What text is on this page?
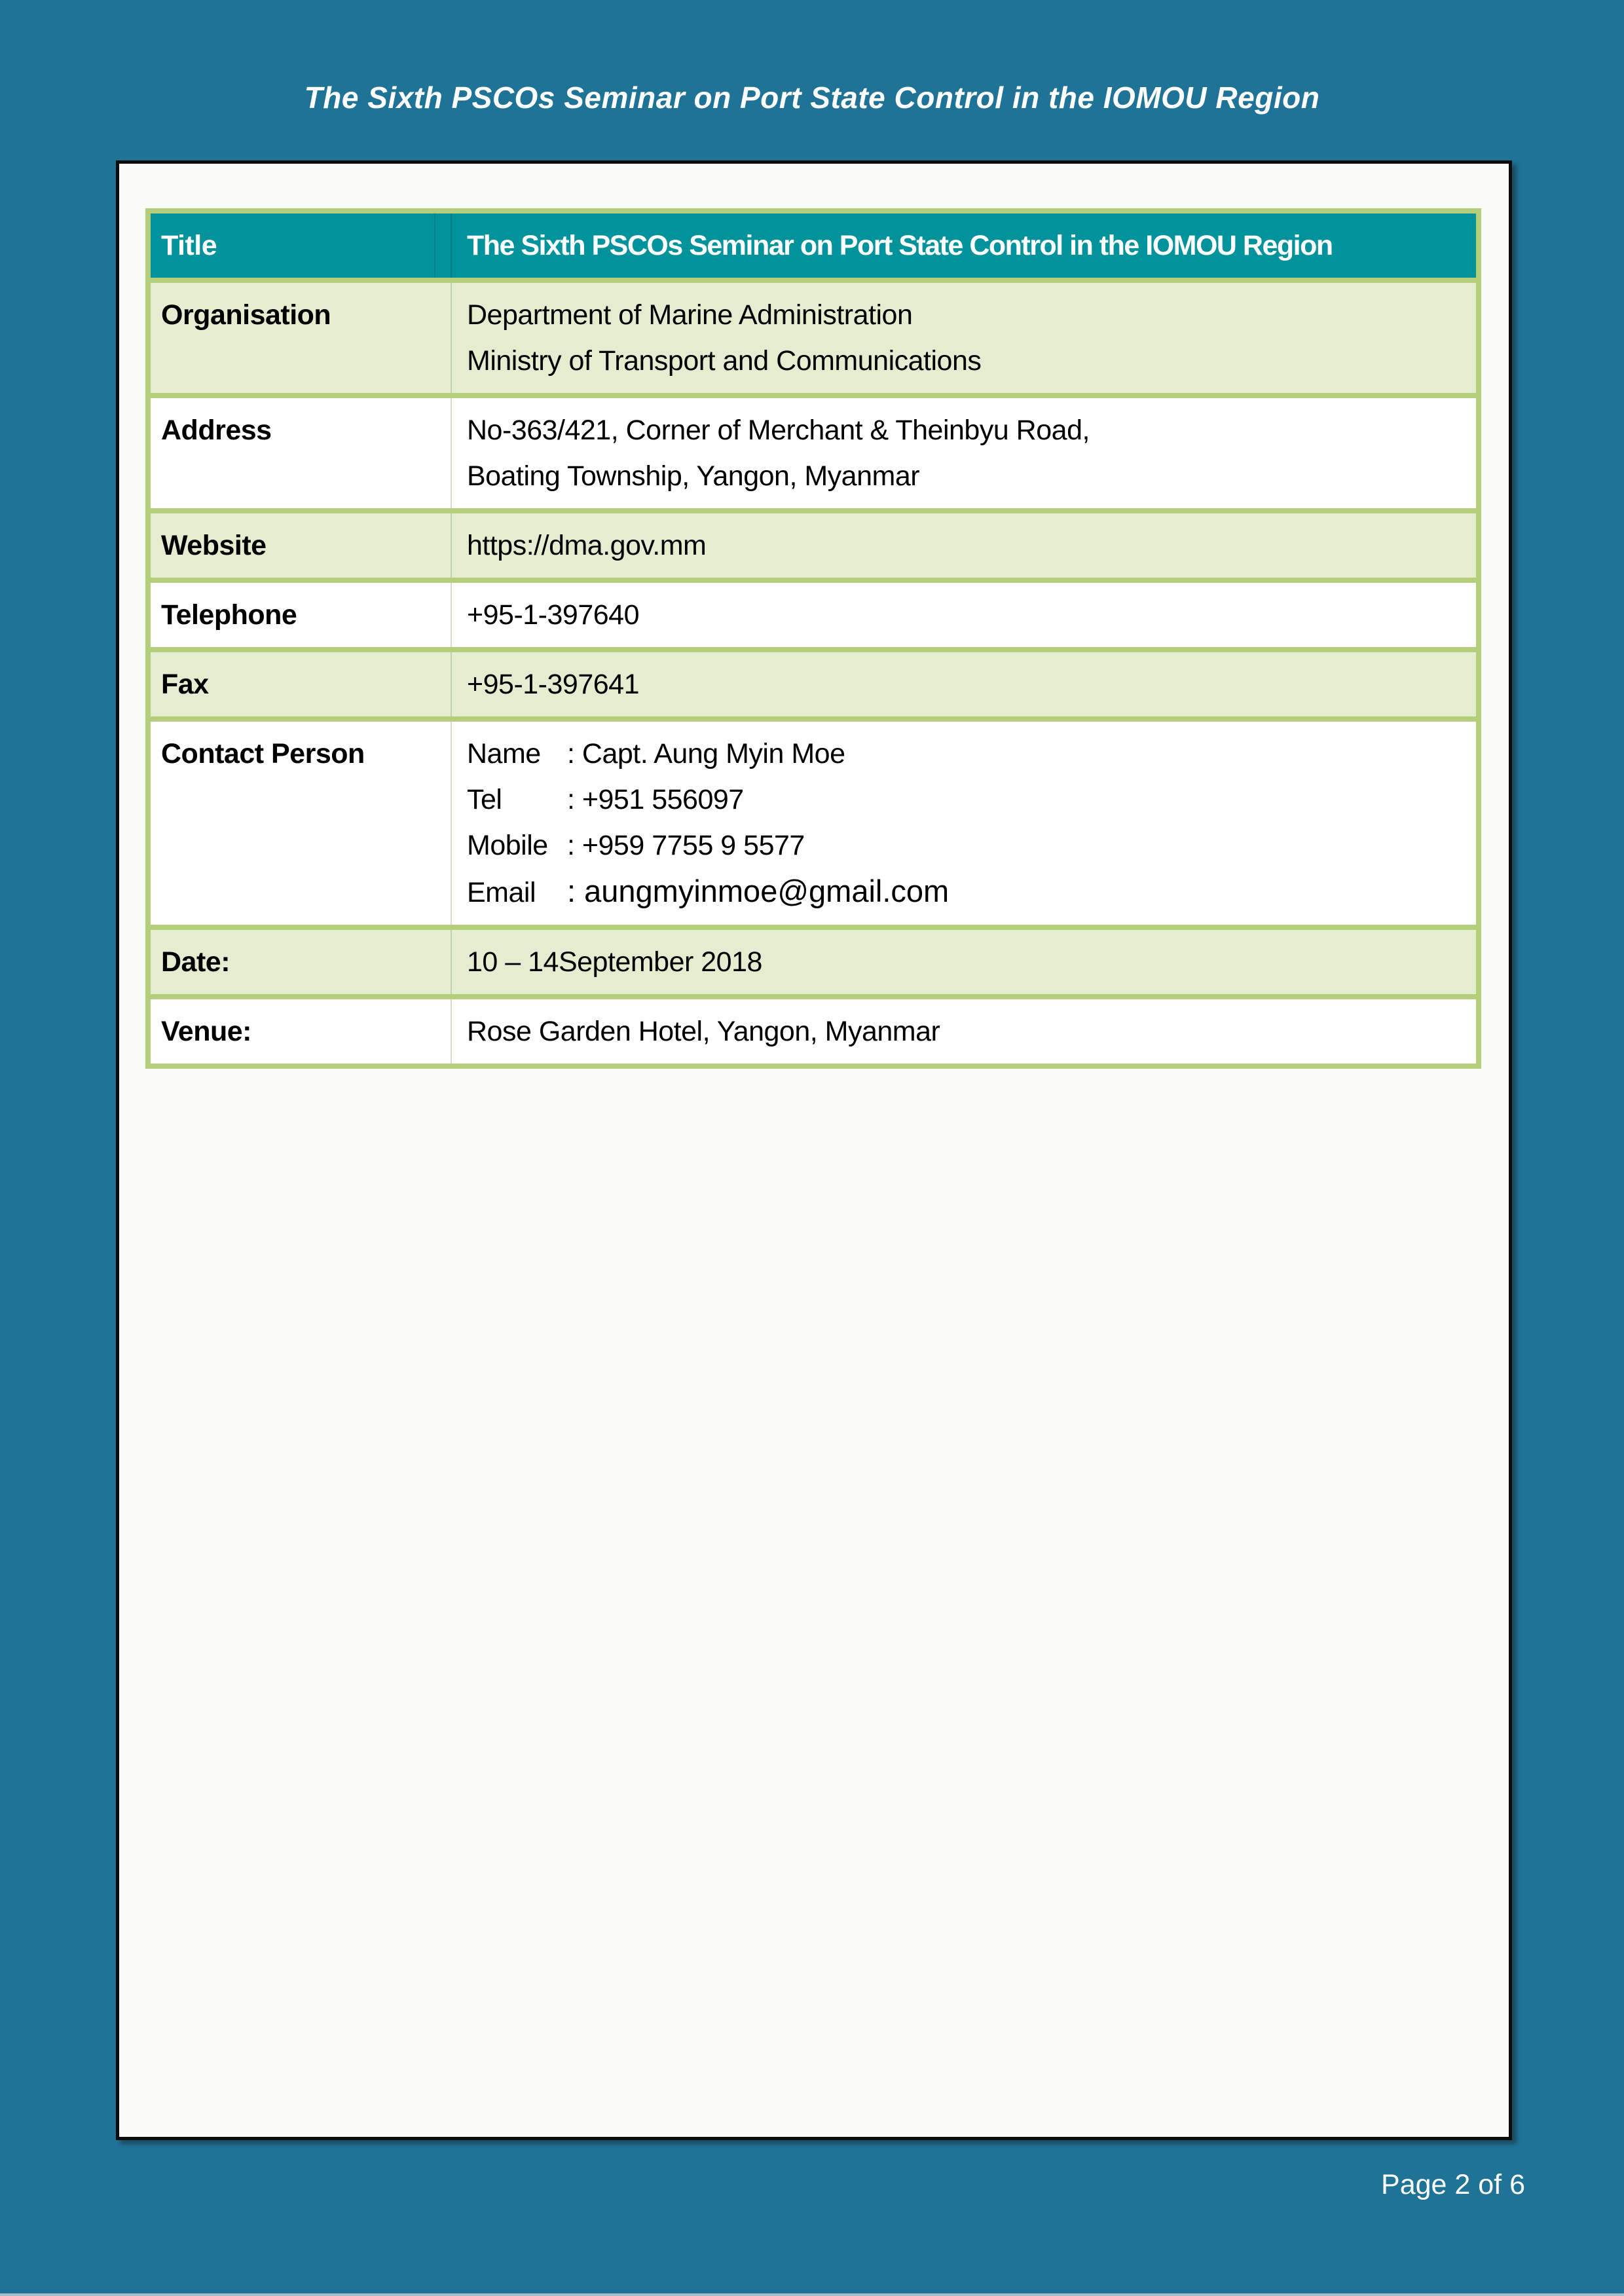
The Sixth PSCOs Seminar on Port State Control in the IOMOU Region
Title	The Sixth PSCOs Seminar on Port State Control in the IOMOU Region
Organisation	Department of Marine Administration
Ministry of Transport and Communications
Address	No-363/421, Corner of Merchant & Theinbyu Road,
Boating Township, Yangon, Myanmar
Website	https://dma.gov.mm
Telephone	+95-1-397640
Fax	+95-1-397641
Contact Person	Name : Capt. Aung Myin Moe
Tel : +951 556097
Mobile : +959 7755 9 5577
Email : aungmyinmoe@gmail.com
Date:	10 – 14September 2018
Venue:	Rose Garden Hotel, Yangon, Myanmar
Page 2 of 6
